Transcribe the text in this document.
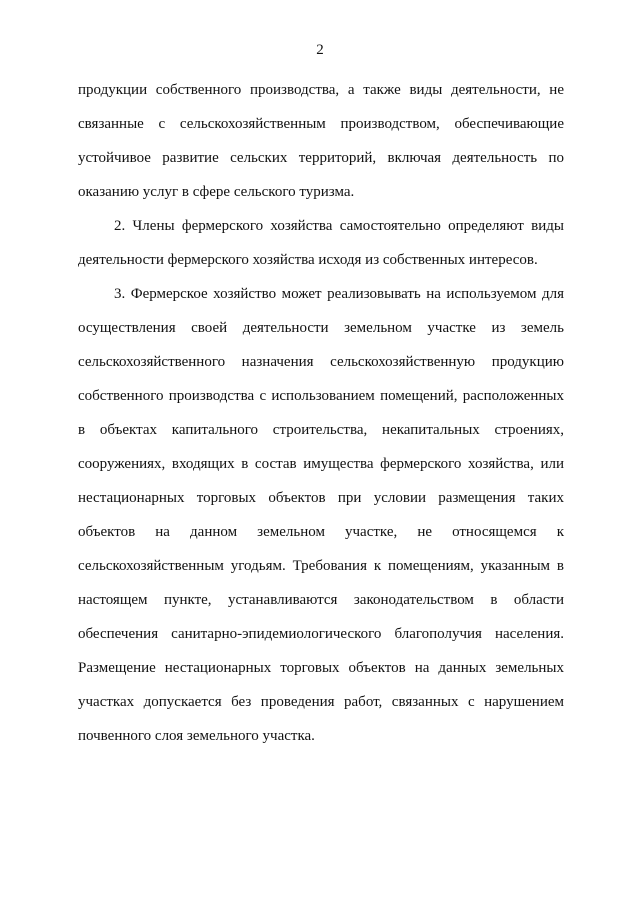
2
продукции собственного производства, а также виды деятельности, не
связанные с сельскохозяйственным производством, обеспечивающие
устойчивое развитие сельских территорий, включая деятельность по
оказанию услуг в сфере сельского туризма.
2. Члены фермерского хозяйства самостоятельно определяют виды
деятельности фермерского хозяйства исходя из собственных интересов.
3. Фермерское хозяйство может реализовывать на используемом для
осуществления своей деятельности земельном участке из земель
сельскохозяйственного назначения сельскохозяйственную продукцию
собственного производства с использованием помещений, расположенных
в объектах капитального строительства, некапитальных строениях,
сооружениях, входящих в состав имущества фермерского хозяйства, или
нестационарных торговых объектов при условии размещения таких
объектов на данном земельном участке, не относящемся к
сельскохозяйственным угодьям. Требования к помещениям, указанным в
настоящем пункте, устанавливаются законодательством в области
обеспечения санитарно-эпидемиологического благополучия населения.
Размещение нестационарных торговых объектов на данных земельных
участках допускается без проведения работ, связанных с нарушением
почвенного слоя земельного участка.
